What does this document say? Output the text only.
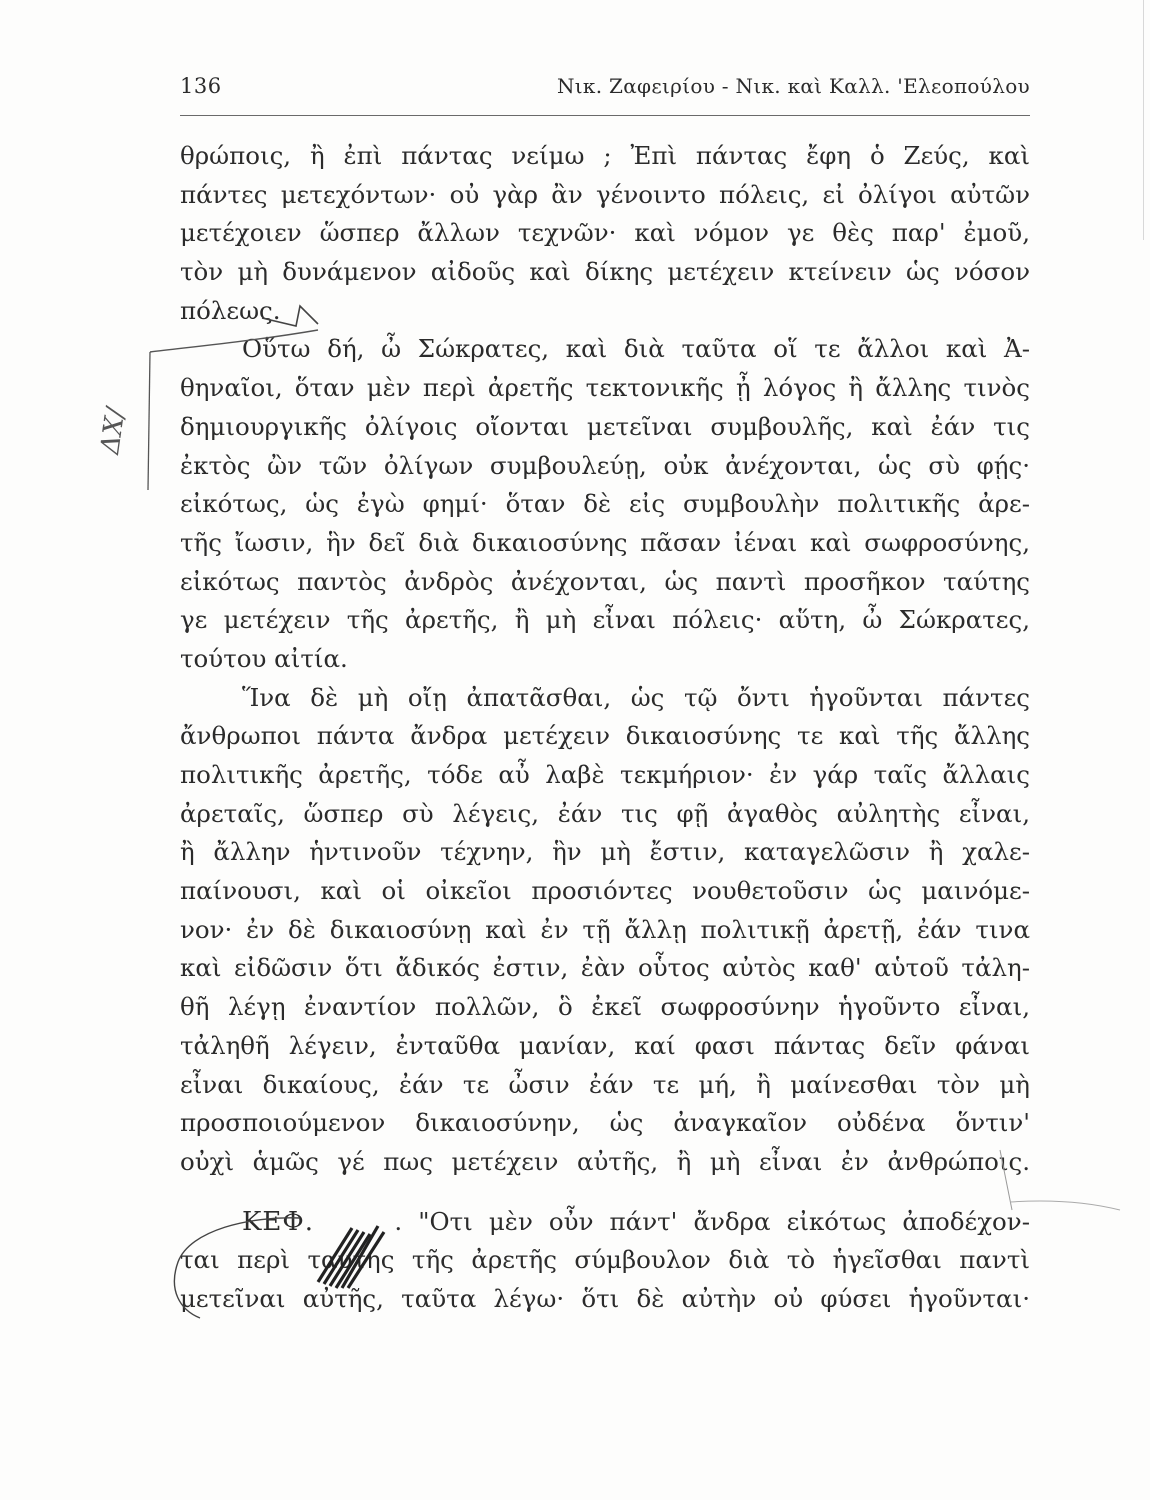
136	Νικ. Ζαφειρίου - Νικ. καὶ Καλλ. 'Ελεοπούλου
θρώποις, ἢ ἐπὶ πάντας νείμω ; Ἐπὶ πάντας ἔφη ὁ Ζεύς, καὶ
πάντες μετεχόντων· οὐ γὰρ ἂν γένοιντο πόλεις, εἰ ὀλίγοι αὐτῶν
μετέχοιεν ὥσπερ ἄλλων τεχνῶν· καὶ νόμον γε θὲς παρ' ἐμοῦ,
τὸν μὴ δυνάμενον αἰδοῦς καὶ δίκης μετέχειν κτείνειν ὡς νόσον
πόλεως.
Οὕτω δή, ὦ Σώκρατες, καὶ διὰ ταῦτα οἵ τε ἄλλοι καὶ Ἀ-
θηναῖοι, ὅταν μὲν περὶ ἀρετῆς τεκτονικῆς ᾖ λόγος ἢ ἄλλης τινὸς
δημιουργικῆς ὀλίγοις οἴονται μετεῖναι συμβουλῆς, καὶ ἐάν τις
ἐκτὸς ὢν τῶν ὀλίγων συμβουλεύῃ, οὐκ ἀνέχονται, ὡς σὺ φῄς·
εἰκότως, ὡς ἐγὼ φημί· ὅταν δὲ εἰς συμβουλὴν πολιτικῆς ἀρε-
τῆς ἴωσιν, ἣν δεῖ διὰ δικαιοσύνης πᾶσαν ἰέναι καὶ σωφροσύνης,
εἰκότως παντὸς ἀνδρὸς ἀνέχονται, ὡς παντὶ προσῆκον ταύτης
γε μετέχειν τῆς ἀρετῆς, ἢ μὴ εἶναι πόλεις· αὕτη, ὦ Σώκρατες,
τούτου αἰτία.
Ἵνα δὲ μὴ οἴῃ ἀπατᾶσθαι, ὡς τῷ ὄντι ἡγοῦνται πάντες
ἄνθρωποι πάντα ἄνδρα μετέχειν δικαιοσύνης τε καὶ τῆς ἄλλης
πολιτικῆς ἀρετῆς, τόδε αὖ λαβὲ τεκμήριον· ἐν γάρ ταῖς ἄλλαις
ἀρεταῖς, ὥσπερ σὺ λέγεις, ἐάν τις φῇ ἀγαθὸς αὐλητὴς εἶναι,
ἢ ἄλλην ἡντινοῦν τέχνην, ἣν μὴ ἔστιν, καταγελῶσιν ἢ χαλε-
παίνουσι, καὶ οἱ οἰκεῖοι προσιόντες νουθετοῦσιν ὡς μαινόμε-
νον· ἐν δὲ δικαιοσύνῃ καὶ ἐν τῇ ἄλλῃ πολιτικῇ ἀρετῇ, ἐάν τινα
καὶ εἰδῶσιν ὅτι ἄδικός ἐστιν, ἐὰν οὗτος αὐτὸς καθ' αὑτοῦ τἀλη-
θῆ λέγῃ ἐναντίον πολλῶν, ὃ ἐκεῖ σωφροσύνην ἡγοῦντο εἶναι,
τἀληθῆ λέγειν, ἐνταῦθα μανίαν, καί φασι πάντας δεῖν φάναι
εἶναι δικαίους, ἐάν τε ὦσιν ἐάν τε μή, ἢ μαίνεσθαι τὸν μὴ
προσποιούμενον δικαιοσύνην, ὡς ἀναγκαῖον οὐδένα ὅντιν'
οὐχὶ ἁμῶς γέ πως μετέχειν αὐτῆς, ἢ μὴ εἶναι ἐν ἀνθρώποις.
ΚΕΦ.	. "Οτι μὲν οὖν πάντ' ἄνδρα εἰκότως ἀποδέχον-
ται περὶ ταύτης τῆς ἀρετῆς σύμβουλον διὰ τὸ ἡγεῖσθαι παντὶ
μετεῖναι αὐτῆς, ταῦτα λέγω· ὅτι δὲ αὐτὴν οὐ φύσει ἡγοῦνται·
ΔΧ/
